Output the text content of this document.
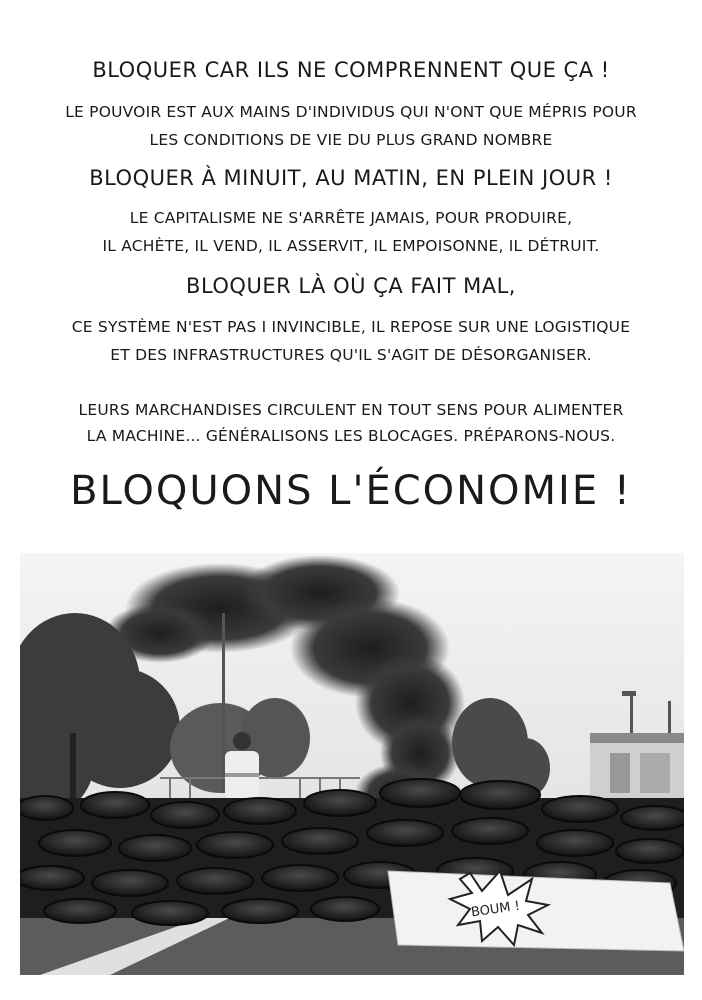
BLOQUER CAR ILS NE COMPRENNENT QUE ÇA !

LE POUVOIR EST AUX MAINS D'INDIVIDUS QUI N'ONT QUE MÉPRIS POUR

LES CONDITIONS DE VIE DU PLUS GRAND NOMBRE

BLOQUER À MINUIT, AU MATIN, EN PLEIN JOUR !

LE CAPITALISME NE S'ARRÊTE JAMAIS, POUR PRODUIRE,

IL ACHÈTE, IL VEND, IL ASSERVIT, IL EMPOISONNE, IL DÉTRUIT.

BLOQUER LÀ OÙ ÇA FAIT MAL,

CE SYSTÈME N'EST PAS I INVINCIBLE, IL REPOSE SUR UNE LOGISTIQUE

ET DES INFRASTRUCTURES QU'IL S'AGIT DE DÉSORGANISER.

LEURS MARCHANDISES CIRCULENT EN TOUT SENS POUR ALIMENTER

LA MACHINE... GÉNÉRALISONS LES BLOCAGES. PRÉPARONS-NOUS.

BLOQUONS L'ÉCONOMIE !

BOUM !
